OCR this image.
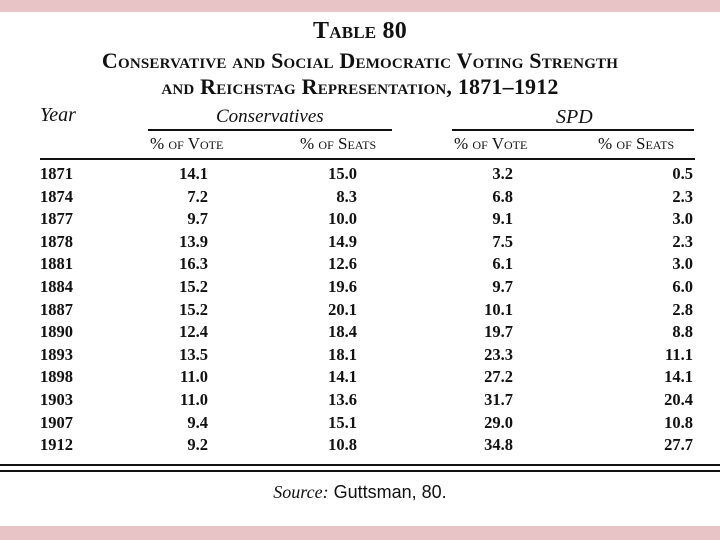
Table 80
Conservative and Social Democratic Voting Strength
and Reichstag Representation, 1871–1912
Year	Conservatives	SPD
% of Vote	% of Seats	% of Vote	% of Seats
1871	14.1	15.0	3.2	0.5
1874	7.2	8.3	6.8	2.3
1877	9.7	10.0	9.1	3.0
1878	13.9	14.9	7.5	2.3
1881	16.3	12.6	6.1	3.0
1884	15.2	19.6	9.7	6.0
1887	15.2	20.1	10.1	2.8
1890	12.4	18.4	19.7	8.8
1893	13.5	18.1	23.3	11.1
1898	11.0	14.1	27.2	14.1
1903	11.0	13.6	31.7	20.4
1907	9.4	15.1	29.0	10.8
1912	9.2	10.8	34.8	27.7
Source: Guttsman, 80.
